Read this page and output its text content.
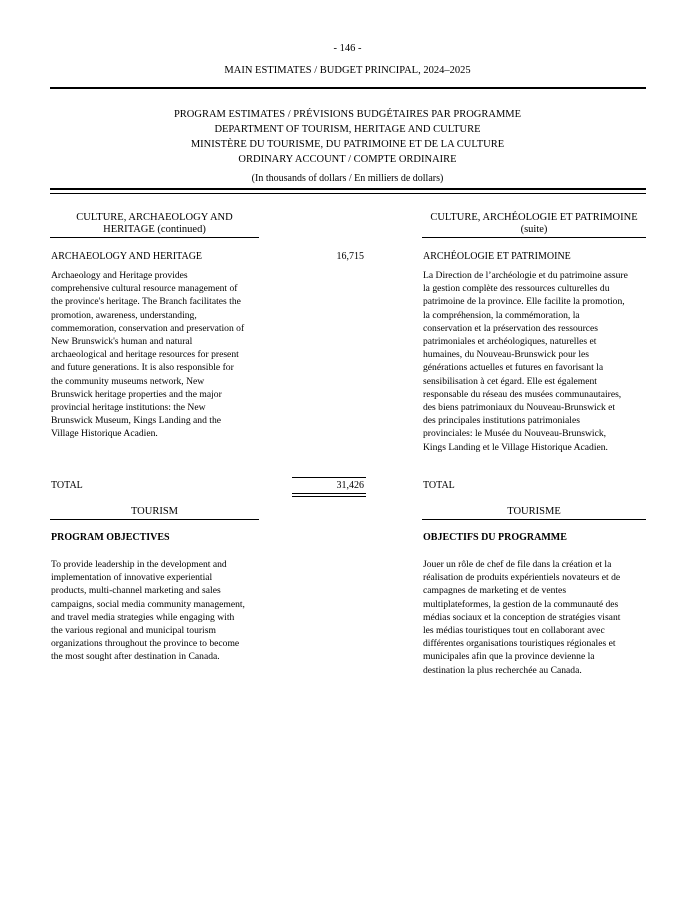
- 146 -
MAIN ESTIMATES / BUDGET PRINCIPAL, 2024–2025
PROGRAM ESTIMATES / PRÉVISIONS BUDGÉTAIRES PAR PROGRAMME
DEPARTMENT OF TOURISM, HERITAGE AND CULTURE
MINISTÈRE DU TOURISME, DU PATRIMOINE ET DE LA CULTURE
ORDINARY ACCOUNT / COMPTE ORDINAIRE
(In thousands of dollars / En milliers de dollars)
CULTURE, ARCHAEOLOGY AND
HERITAGE (continued)
CULTURE, ARCHÉOLOGIE ET PATRIMOINE
(suite)
ARCHAEOLOGY AND HERITAGE	16,715	ARCHÉOLOGIE ET PATRIMOINE
Archaeology and Heritage provides
comprehensive cultural resource management of
the province's heritage. The Branch facilitates the
promotion, awareness, understanding,
commemoration, conservation and preservation of
New Brunswick's human and natural
archaeological and heritage resources for present
and future generations. It is also responsible for
the community museums network, New
Brunswick heritage properties and the major
provincial heritage institutions: the New
Brunswick Museum, Kings Landing and the
Village Historique Acadien.
La Direction de l’archéologie et du patrimoine assure
la gestion complète des ressources culturelles du
patrimoine de la province. Elle facilite la promotion,
la compréhension, la commémoration, la
conservation et la préservation des ressources
patrimoniales et archéologiques, naturelles et
humaines, du Nouveau-Brunswick pour les
générations actuelles et futures en favorisant la
sensibilisation à cet égard. Elle est également
responsable du réseau des musées communautaires,
des biens patrimoniaux du Nouveau-Brunswick et
des principales institutions patrimoniales
provinciales: le Musée du Nouveau-Brunswick,
Kings Landing et le Village Historique Acadien.
TOTAL	31,426	TOTAL
TOURISM	TOURISME
PROGRAM OBJECTIVES	OBJECTIFS DU PROGRAMME
To provide leadership in the development and
implementation of innovative experiential
products, multi-channel marketing and sales
campaigns, social media community management,
and travel media strategies while engaging with
the various regional and municipal tourism
organizations throughout the province to become
the most sought after destination in Canada.
Jouer un rôle de chef de file dans la création et la
réalisation de produits expérientiels novateurs et de
campagnes de marketing et de ventes
multiplateformes, la gestion de la communauté des
médias sociaux et la conception de stratégies visant
les médias touristiques tout en collaborant avec
différentes organisations touristiques régionales et
municipales afin que la province devienne la
destination la plus recherchée au Canada.
